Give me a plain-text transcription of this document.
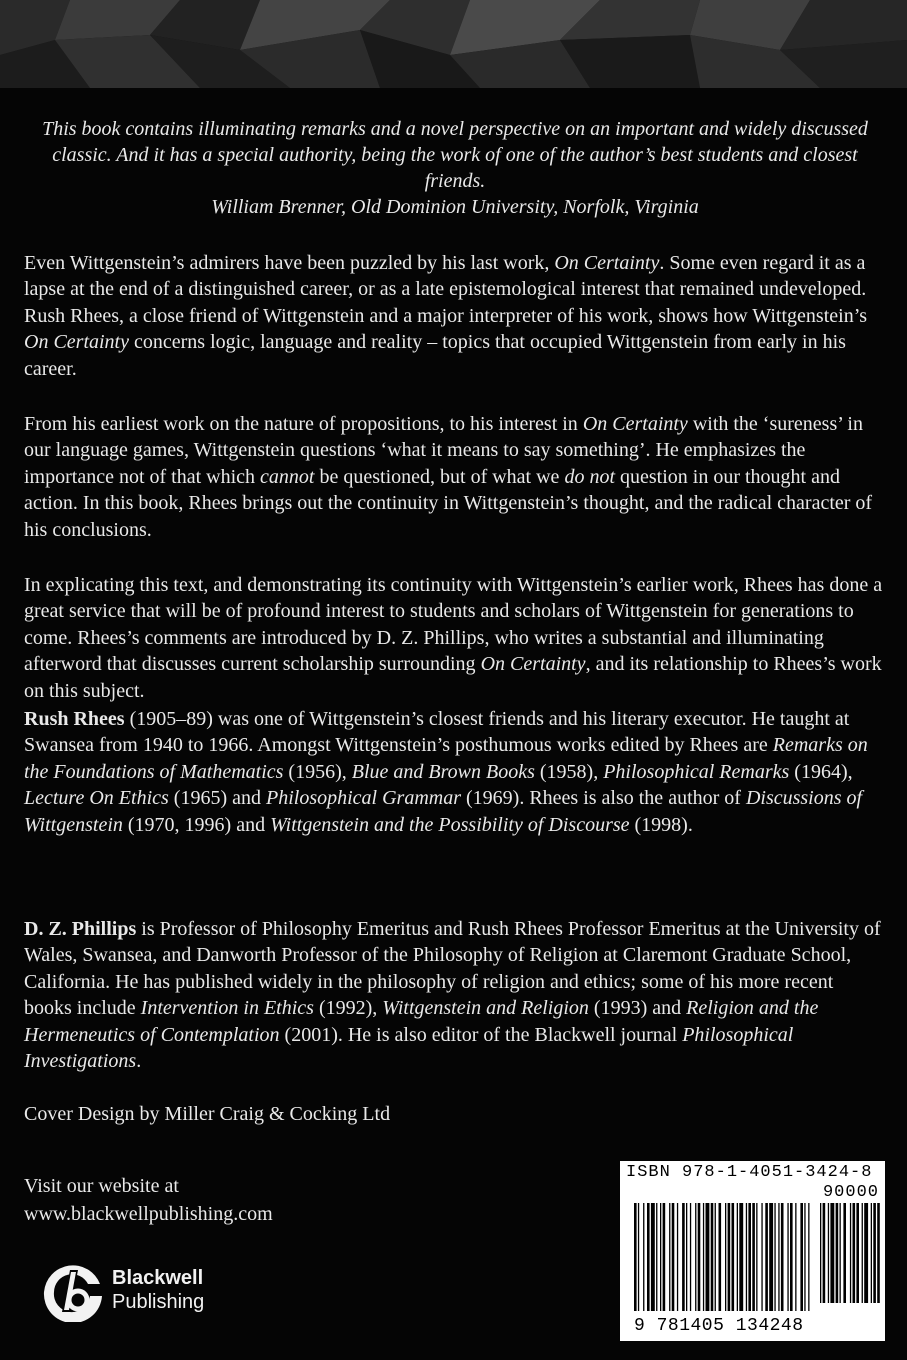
This book contains illuminating remarks and a novel perspective on an important and widely discussed classic. And it has a special authority, being the work of one of the author’s best students and closest friends.
William Brenner, Old Dominion University, Norfolk, Virginia

Even Wittgenstein’s admirers have been puzzled by his last work, On Certainty. Some even regard it as a lapse at the end of a distinguished career, or as a late epistemological interest that remained undeveloped. Rush Rhees, a close friend of Wittgenstein and a major interpreter of his work, shows how Wittgenstein’s On Certainty concerns logic, language and reality – topics that occupied Wittgenstein from early in his career.

From his earliest work on the nature of propositions, to his interest in On Certainty with the ‘sureness’ in our language games, Wittgenstein questions ‘what it means to say something’. He emphasizes the importance not of that which cannot be questioned, but of what we do not question in our thought and action. In this book, Rhees brings out the continuity in Wittgenstein’s thought, and the radical character of his conclusions.

In explicating this text, and demonstrating its continuity with Wittgenstein’s earlier work, Rhees has done a great service that will be of profound interest to students and scholars of Wittgenstein for generations to come. Rhees’s comments are introduced by D. Z. Phillips, who writes a substantial and illuminating afterword that discusses current scholarship surrounding On Certainty, and its relationship to Rhees’s work on this subject.

Rush Rhees (1905–89) was one of Wittgenstein’s closest friends and his literary executor. He taught at Swansea from 1940 to 1966. Amongst Wittgenstein’s posthumous works edited by Rhees are Remarks on the Foundations of Mathematics (1956), Blue and Brown Books (1958), Philosophical Remarks (1964), Lecture On Ethics (1965) and Philosophical Grammar (1969). Rhees is also the author of Discussions of Wittgenstein (1970, 1996) and Wittgenstein and the Possibility of Discourse (1998).

D. Z. Phillips is Professor of Philosophy Emeritus and Rush Rhees Professor Emeritus at the University of Wales, Swansea, and Danworth Professor of the Philosophy of Religion at Claremont Graduate School, California. He has published widely in the philosophy of religion and ethics; some of his more recent books include Intervention in Ethics (1992), Wittgenstein and Religion (1993) and Religion and the Hermeneutics of Contemplation (2001). He is also editor of the Blackwell journal Philosophical Investigations.

Cover Design by Miller Craig & Cocking Ltd

Visit our website at
www.blackwellpublishing.com
Blackwell
Publishing
ISBN 978-1-4051-3424-8
90000
9 781405 134248
